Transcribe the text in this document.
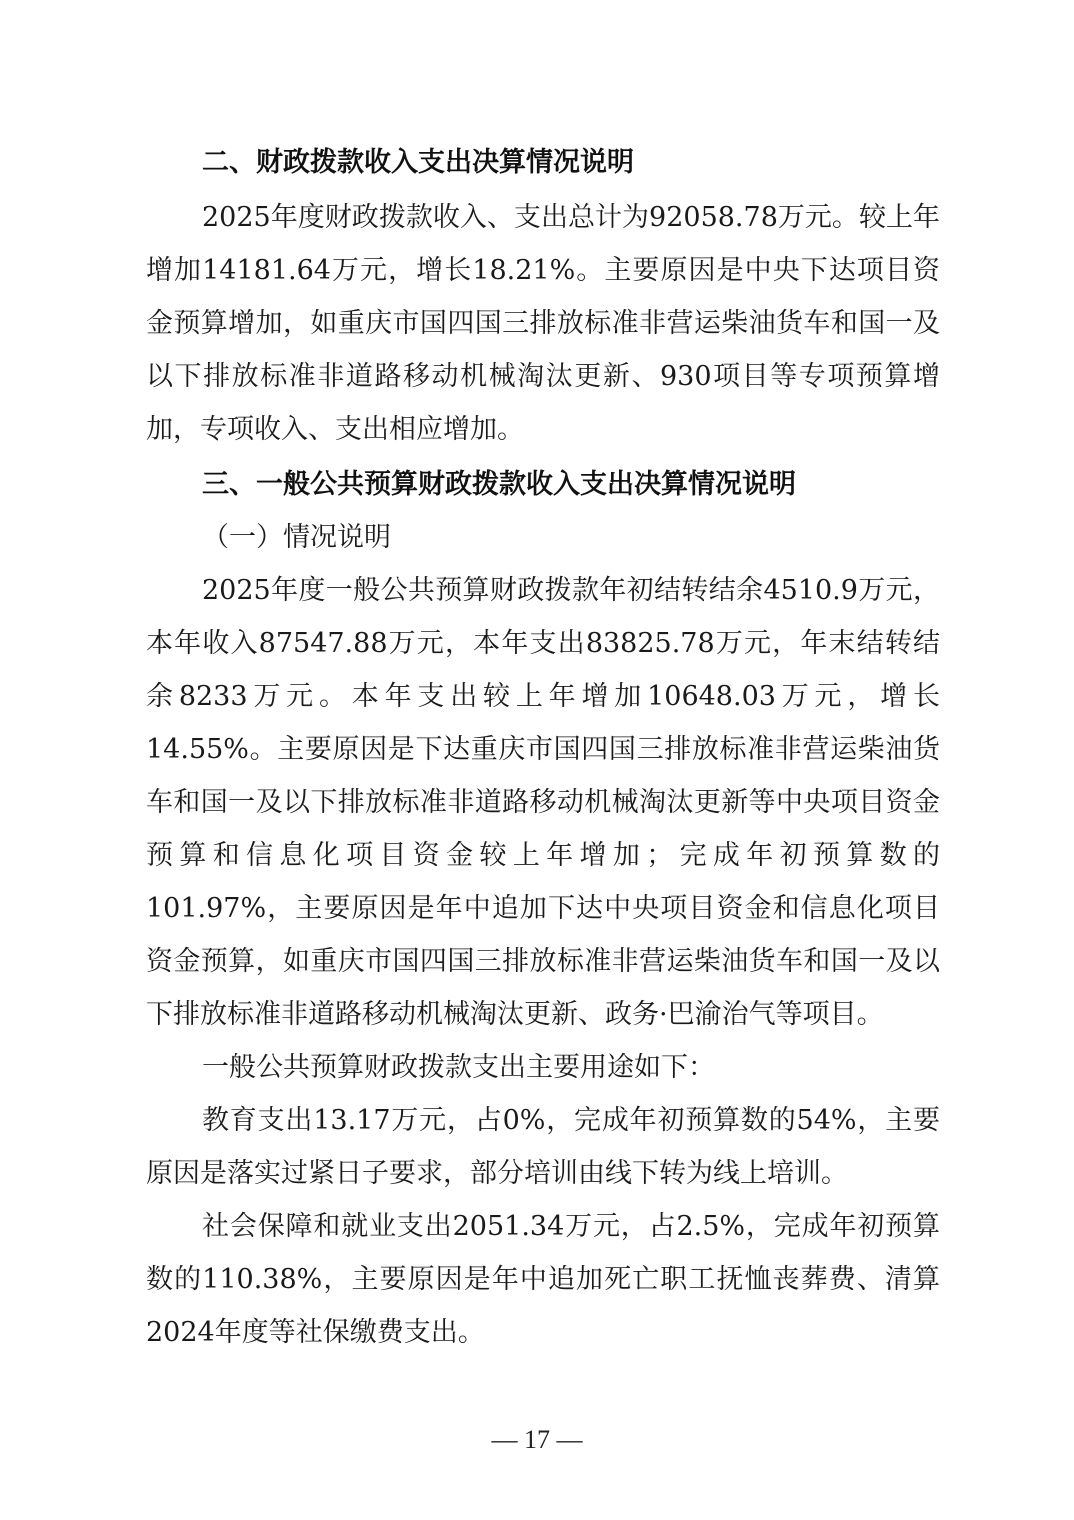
二、财政拨款收入支出决算情况说明

2025年度财政拨款收入、支出总计为92058.78万元。较上年增加14181.64万元，增长18.21%。主要原因是中央下达项目资金预算增加，如重庆市国四国三排放标准非营运柴油货车和国一及以下排放标准非道路移动机械淘汰更新、930项目等专项预算增加，专项收入、支出相应增加。

三、一般公共预算财政拨款收入支出决算情况说明
（一）情况说明

2025年度一般公共预算财政拨款年初结转结余4510.9万元，本年收入87547.88万元，本年支出83825.78万元，年末结转结余8233万元。本年支出较上年增加10648.03万元，增长14.55%。主要原因是下达重庆市国四国三排放标准非营运柴油货车和国一及以下排放标准非道路移动机械淘汰更新等中央项目资金预算和信息化项目资金较上年增加；完成年初预算数的101.97%，主要原因是年中追加下达中央项目资金和信息化项目资金预算，如重庆市国四国三排放标准非营运柴油货车和国一及以下排放标准非道路移动机械淘汰更新、政务·巴渝治气等项目。

一般公共预算财政拨款支出主要用途如下：

教育支出13.17万元，占0%，完成年初预算数的54%，主要原因是落实过紧日子要求，部分培训由线下转为线上培训。

社会保障和就业支出2051.34万元，占2.5%，完成年初预算数的110.38%，主要原因是年中追加死亡职工抚恤丧葬费、清算2024年度等社保缴费支出。

— 17 —
